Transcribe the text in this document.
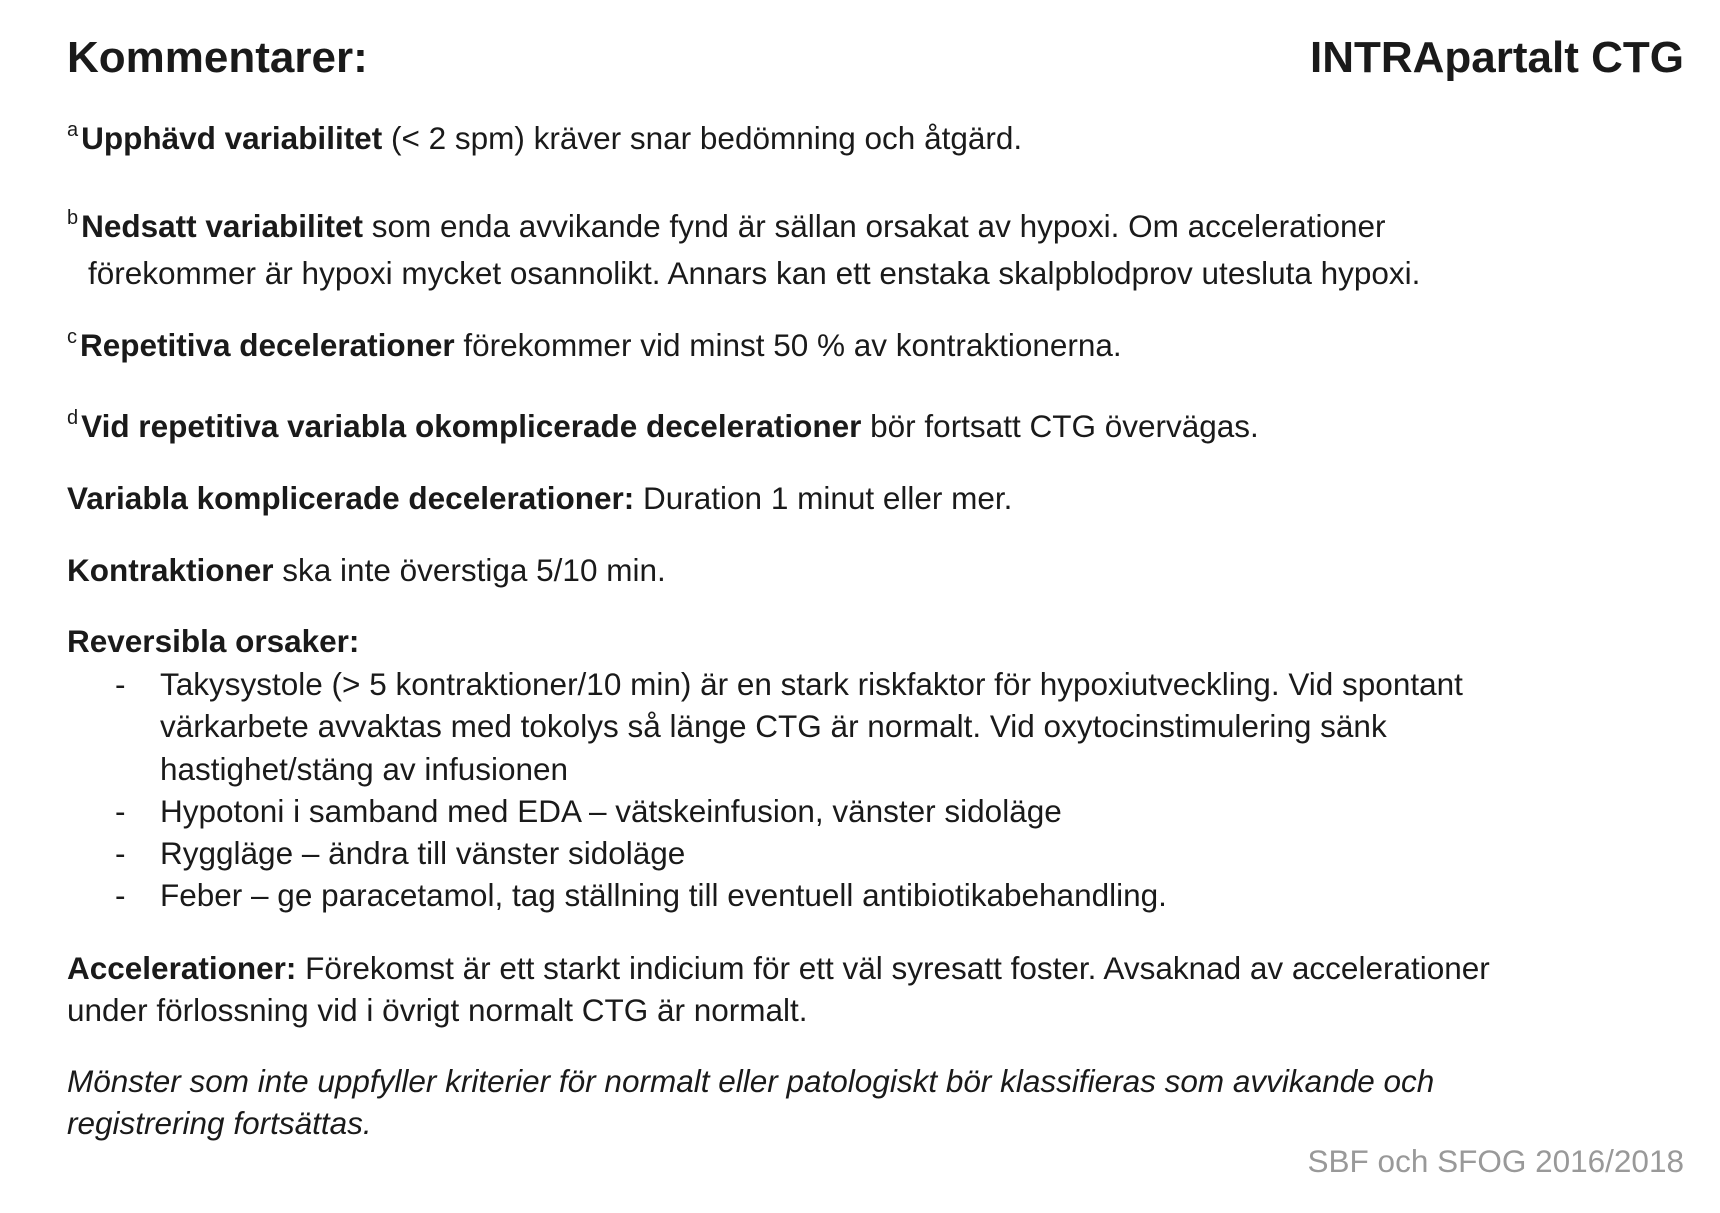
Kommentarer:	INTRApartalt CTG
$^a$Upphävd variabilitet (< 2 spm) kräver snar bedömning och åtgärd.
$^b$Nedsatt variabilitet som enda avvikande fynd är sällan orsakat av hypoxi. Om accelerationer
förekommer är hypoxi mycket osannolikt. Annars kan ett enstaka skalpblodprov utesluta hypoxi.
$^c$Repetitiva decelerationer förekommer vid minst 50 % av kontraktionerna.
$^d$Vid repetitiva variabla okomplicerade decelerationer bör fortsatt CTG övervägas.
Variabla komplicerade decelerationer: Duration 1 minut eller mer.
Kontraktioner ska inte överstiga 5/10 min.
Reversibla orsaker:
- Takysystole (> 5 kontraktioner/10 min) är en stark riskfaktor för hypoxiutveckling. Vid spontant
värkarbete avvaktas med tokolys så länge CTG är normalt. Vid oxytocinstimulering sänk
hastighet/stäng av infusionen
- Hypotoni i samband med EDA – vätskeinfusion, vänster sidoläge
- Ryggläge – ändra till vänster sidoläge
- Feber – ge paracetamol, tag ställning till eventuell antibiotikabehandling.
Accelerationer: Förekomst är ett starkt indicium för ett väl syresatt foster. Avsaknad av accelerationer
under förlossning vid i övrigt normalt CTG är normalt.
Mönster som inte uppfyller kriterier för normalt eller patologiskt bör klassifieras som avvikande och
registrering fortsättas.
SBF och SFOG 2016/2018
